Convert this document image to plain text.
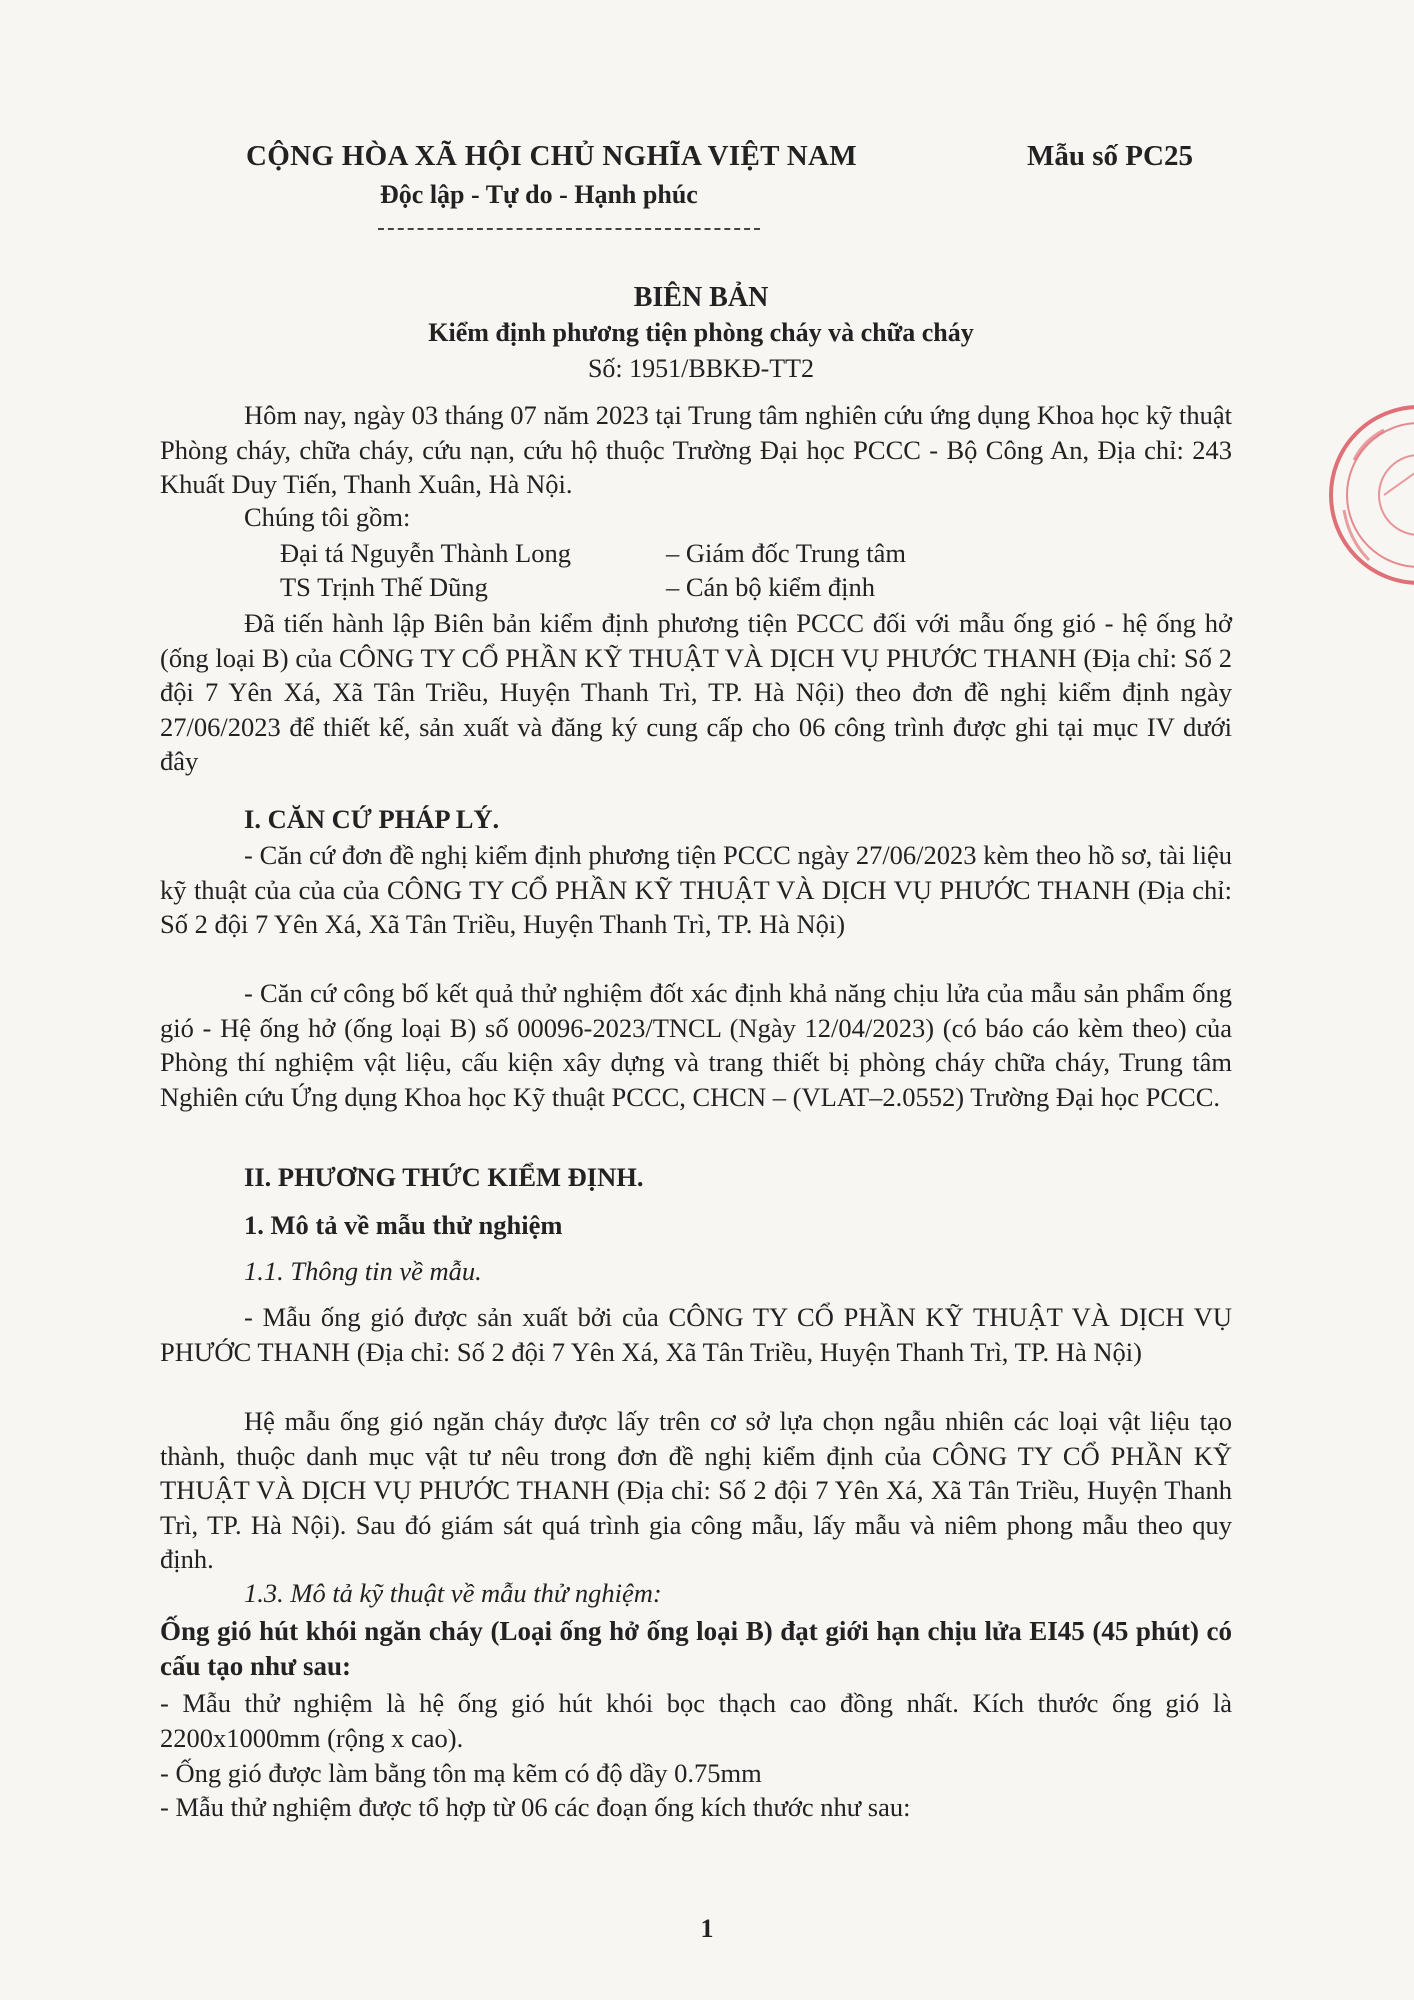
CỘNG HÒA XÃ HỘI CHỦ NGHĨA VIỆT NAM
Độc lập - Tự do - Hạnh phúc
Mẫu số PC25
BIÊN BẢN
Kiểm định phương tiện phòng cháy và chữa cháy
Số: 1951/BBKĐ-TT2
Hôm nay, ngày 03 tháng 07 năm 2023 tại Trung tâm nghiên cứu ứng dụng Khoa học kỹ thuật Phòng cháy, chữa cháy, cứu nạn, cứu hộ thuộc Trường Đại học PCCC - Bộ Công An, Địa chỉ: 243 Khuất Duy Tiến, Thanh Xuân, Hà Nội.
Chúng tôi gồm:
Đại tá Nguyễn Thành Long	– Giám đốc Trung tâm
TS Trịnh Thế Dũng	– Cán bộ kiểm định
Đã tiến hành lập Biên bản kiểm định phương tiện PCCC đối với mẫu ống gió - hệ ống hở (ống loại B) của CÔNG TY CỔ PHẦN KỸ THUẬT VÀ DỊCH VỤ PHƯỚC THANH (Địa chỉ: Số 2 đội 7 Yên Xá, Xã Tân Triều, Huyện Thanh Trì, TP. Hà Nội) theo đơn đề nghị kiểm định ngày 27/06/2023 để thiết kế, sản xuất và đăng ký cung cấp cho 06 công trình được ghi tại mục IV dưới đây
I. CĂN CỨ PHÁP LÝ.
- Căn cứ đơn đề nghị kiểm định phương tiện PCCC ngày 27/06/2023 kèm theo hồ sơ, tài liệu kỹ thuật của của của CÔNG TY CỔ PHẦN KỸ THUẬT VÀ DỊCH VỤ PHƯỚC THANH (Địa chỉ: Số 2 đội 7 Yên Xá, Xã Tân Triều, Huyện Thanh Trì, TP. Hà Nội)
- Căn cứ công bố kết quả thử nghiệm đốt xác định khả năng chịu lửa của mẫu sản phẩm ống gió - Hệ ống hở (ống loại B) số 00096-2023/TNCL (Ngày 12/04/2023) (có báo cáo kèm theo) của Phòng thí nghiệm vật liệu, cấu kiện xây dựng và trang thiết bị phòng cháy chữa cháy, Trung tâm Nghiên cứu Ứng dụng Khoa học Kỹ thuật PCCC, CHCN – (VLAT–2.0552) Trường Đại học PCCC.
II. PHƯƠNG THỨC KIỂM ĐỊNH.
1. Mô tả về mẫu thử nghiệm
1.1. Thông tin về mẫu.
- Mẫu ống gió được sản xuất bởi của CÔNG TY CỔ PHẦN KỸ THUẬT VÀ DỊCH VỤ PHƯỚC THANH (Địa chỉ: Số 2 đội 7 Yên Xá, Xã Tân Triều, Huyện Thanh Trì, TP. Hà Nội)
Hệ mẫu ống gió ngăn cháy được lấy trên cơ sở lựa chọn ngẫu nhiên các loại vật liệu tạo thành, thuộc danh mục vật tư nêu trong đơn đề nghị kiểm định của CÔNG TY CỔ PHẦN KỸ THUẬT VÀ DỊCH VỤ PHƯỚC THANH (Địa chỉ: Số 2 đội 7 Yên Xá, Xã Tân Triều, Huyện Thanh Trì, TP. Hà Nội). Sau đó giám sát quá trình gia công mẫu, lấy mẫu và niêm phong mẫu theo quy định.
1.3. Mô tả kỹ thuật về mẫu thử nghiệm:
Ống gió hút khói ngăn cháy (Loại ống hở ống loại B) đạt giới hạn chịu lửa EI45 (45 phút) có cấu tạo như sau:
- Mẫu thử nghiệm là hệ ống gió hút khói bọc thạch cao đồng nhất. Kích thước ống gió là 2200x1000mm (rộng x cao).
- Ống gió được làm bằng tôn mạ kẽm có độ dầy 0.75mm
- Mẫu thử nghiệm được tổ hợp từ 06 các đoạn ống kích thước như sau:
1
